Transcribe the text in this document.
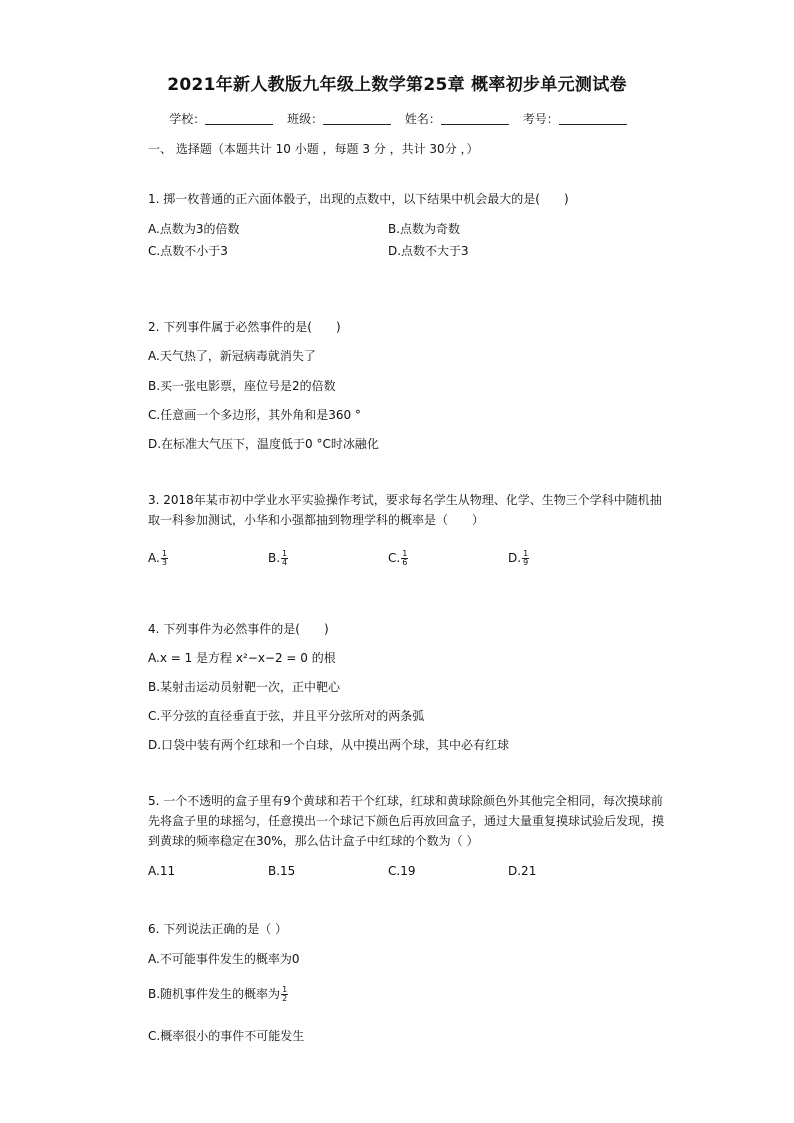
2021年新人教版九年级上数学第25章 概率初步单元测试卷
学校：	班级：	姓名：	考号：
一、 选择题（本题共计 10 小题 ，每题 3 分 ，共计 30分 ，）
1. 掷一枚普通的正六面体骰子，出现的点数中，以下结果中机会最大的是(　　)
A.点数为3的倍数	B.点数为奇数
C.点数不小于3	D.点数不大于3
2. 下列事件属于必然事件的是(　　)
A.天气热了，新冠病毒就消失了
B.买一张电影票，座位号是2的倍数
C.任意画一个多边形，其外角和是360 °
D.在标准大气压下，温度低于0 °C时冰融化
3. 2018年某市初中学业水平实验操作考试，要求每名学生从物理、化学、生物三个学科中随机抽取一科参加测试，小华和小强都抽到物理学科的概率是（　　）
A. $\frac{1}{3}$	B. $\frac{1}{4}$	C. $\frac{1}{6}$	D. $\frac{1}{9}$
4. 下列事件为必然事件的是(　　)
A.x = 1 是方程 x²−x−2 = 0 的根
B.某射击运动员射靶一次，正中靶心
C.平分弦的直径垂直于弦，并且平分弦所对的两条弧
D.口袋中装有两个红球和一个白球，从中摸出两个球，其中必有红球
5. 一个不透明的盒子里有9个黄球和若干个红球，红球和黄球除颜色外其他完全相同，每次摸球前先将盒子里的球摇匀，任意摸出一个球记下颜色后再放回盒子，通过大量重复摸球试验后发现，摸到黄球的频率稳定在30%，那么估计盒子中红球的个数为（ ）
A.11	B.15	C.19	D.21
6. 下列说法正确的是（ ）
A.不可能事件发生的概率为0
B.随机事件发生的概率为 $\frac{1}{2}$
C.概率很小的事件不可能发生
